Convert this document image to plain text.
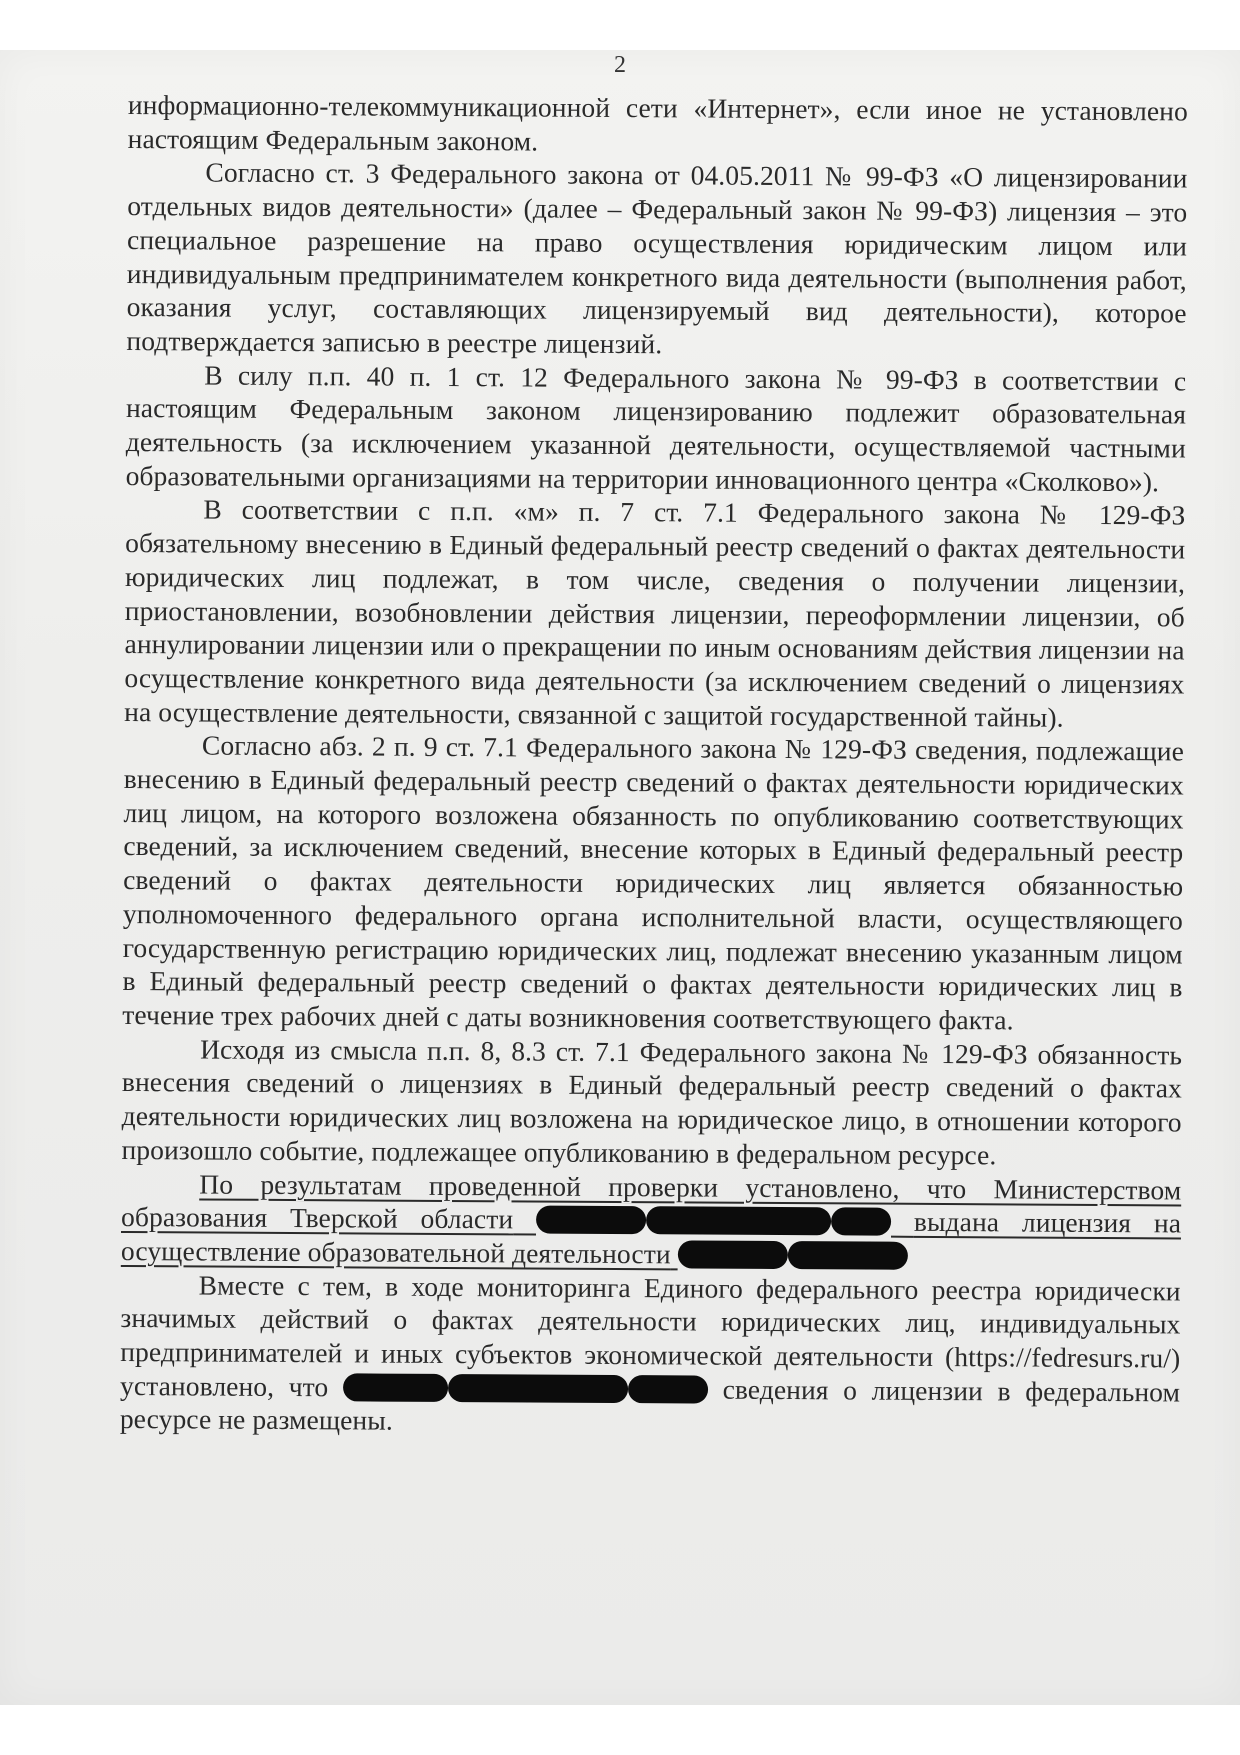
2

информационно-телекоммуникационной сети «Интернет», если иное не установлено настоящим Федеральным законом.

Согласно ст. 3 Федерального закона от 04.05.2011 № 99-ФЗ «О лицензировании отдельных видов деятельности» (далее – Федеральный закон № 99-ФЗ) лицензия – это специальное разрешение на право осуществления юридическим лицом или индивидуальным предпринимателем конкретного вида деятельности (выполнения работ, оказания услуг, составляющих лицензируемый вид деятельности), которое подтверждается записью в реестре лицензий.

В силу п.п. 40 п. 1 ст. 12 Федерального закона № 99-ФЗ в соответствии с настоящим Федеральным законом лицензированию подлежит образовательная деятельность (за исключением указанной деятельности, осуществляемой частными образовательными организациями на территории инновационного центра «Сколково»).

В соответствии с п.п. «м» п. 7 ст. 7.1 Федерального закона № 129-ФЗ обязательному внесению в Единый федеральный реестр сведений о фактах деятельности юридических лиц подлежат, в том числе, сведения о получении лицензии, приостановлении, возобновлении действия лицензии, переоформлении лицензии, об аннулировании лицензии или о прекращении по иным основаниям действия лицензии на осуществление конкретного вида деятельности (за исключением сведений о лицензиях на осуществление деятельности, связанной с защитой государственной тайны).

Согласно абз. 2 п. 9 ст. 7.1 Федерального закона № 129-ФЗ сведения, подлежащие внесению в Единый федеральный реестр сведений о фактах деятельности юридических лиц лицом, на которого возложена обязанность по опубликованию соответствующих сведений, за исключением сведений, внесение которых в Единый федеральный реестр сведений о фактах деятельности юридических лиц является обязанностью уполномоченного федерального органа исполнительной власти, осуществляющего государственную регистрацию юридических лиц, подлежат внесению указанным лицом в Единый федеральный реестр сведений о фактах деятельности юридических лиц в течение трех рабочих дней с даты возникновения соответствующего факта.

Исходя из смысла п.п. 8, 8.3 ст. 7.1 Федерального закона № 129-ФЗ обязанность внесения сведений о лицензиях в Единый федеральный реестр сведений о фактах деятельности юридических лиц возложена на юридическое лицо, в отношении которого произошло событие, подлежащее опубликованию в федеральном ресурсе.

По результатам проведенной проверки установлено, что Министерством образования Тверской области	выдана лицензия на осуществление образовательной деятельности

Вместе с тем, в ходе мониторинга Единого федерального реестра юридически значимых действий о фактах деятельности юридических лиц, индивидуальных предпринимателей и иных субъектов экономической деятельности (https://fedresurs.ru/) установлено, что	сведения о лицензии в федеральном ресурсе не размещены.
